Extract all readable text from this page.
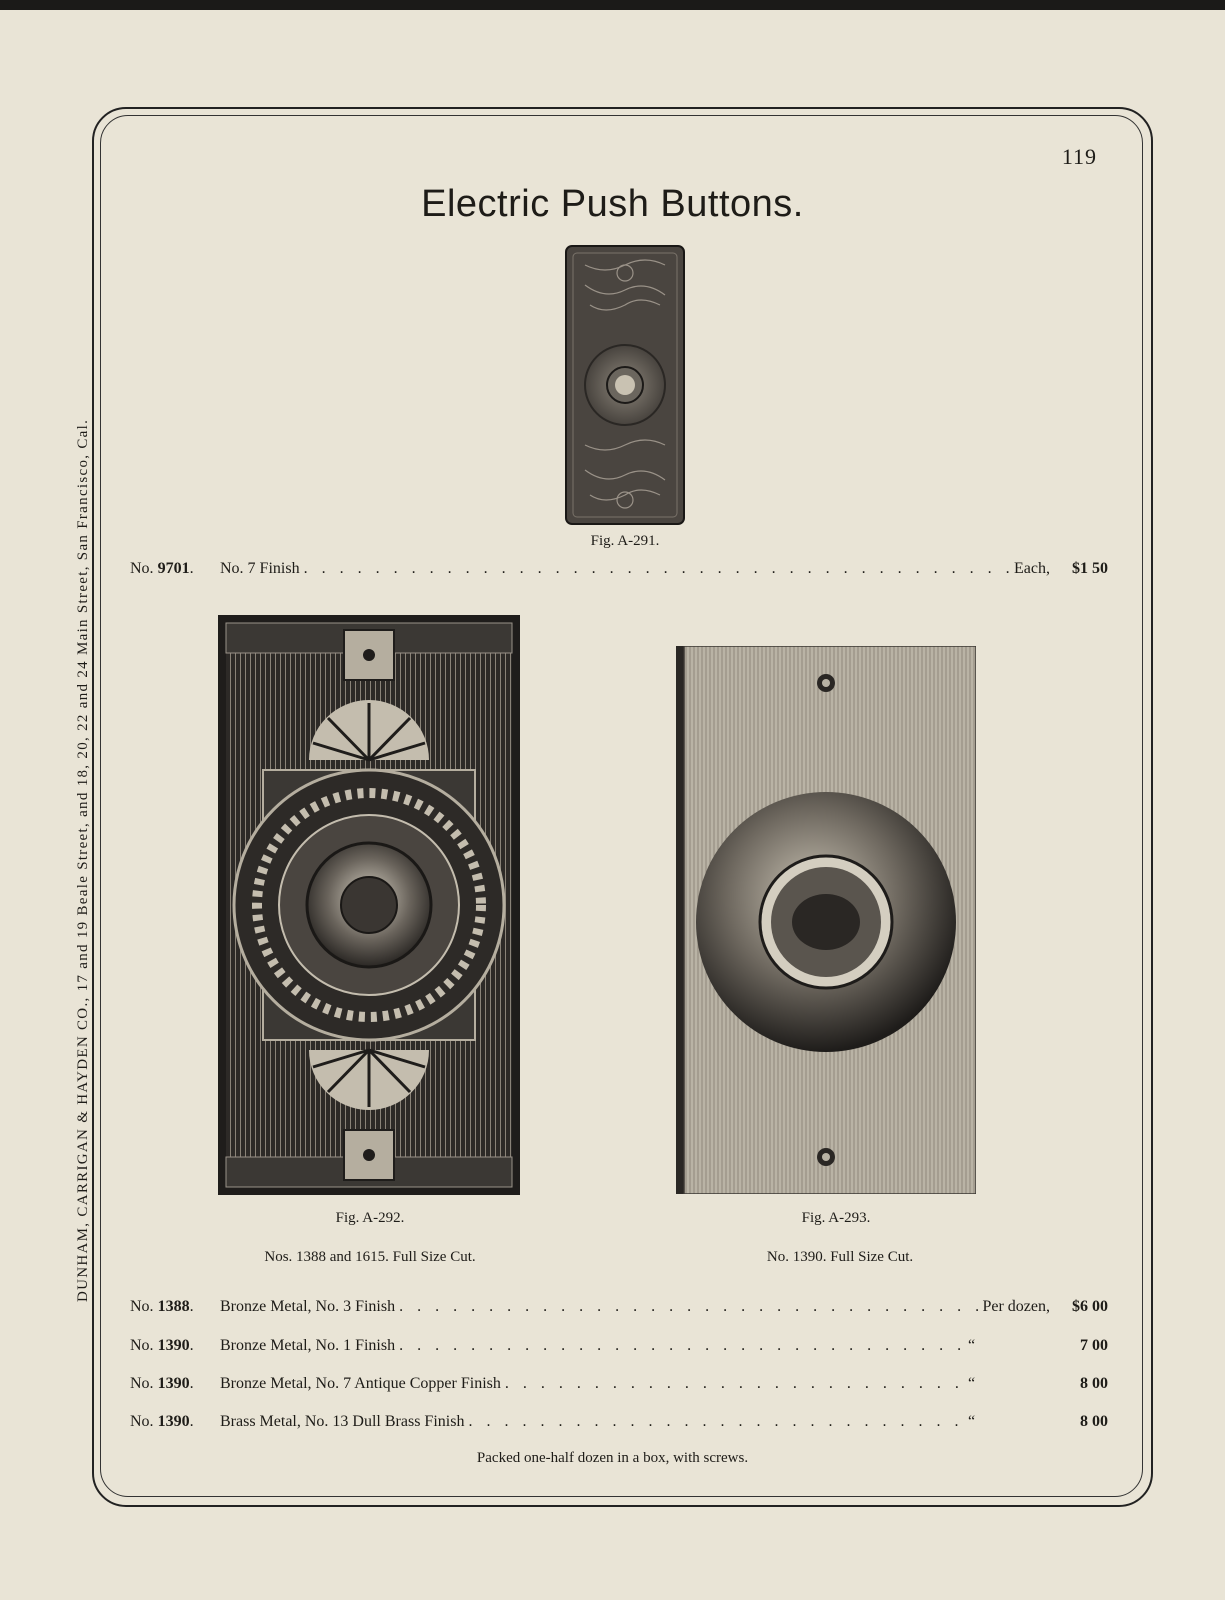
DUNHAM, CARRIGAN & HAYDEN CO., 17 and 19 Beale Street, and 18, 20, 22 and 24 Main Street, San Francisco, Cal.
119
Electric Push Buttons.
Fig. A-291.
No. 9701.	No. 7 Finish . . .	Each,	$1 50
Fig. A-292.
Nos. 1388 and 1615. Full Size Cut.
Fig. A-293.
No. 1390. Full Size Cut.
No. 1388.	Bronze Metal, No. 3 Finish . . .	Per dozen,	$6 00
No. 1390.	Bronze Metal, No. 1 Finish . . .	“	7 00
No. 1390.	Bronze Metal, No. 7 Antique Copper Finish . . .	“	8 00
No. 1390.	Brass Metal, No. 13 Dull Brass Finish . . .	“	8 00
Packed one-half dozen in a box, with screws.
